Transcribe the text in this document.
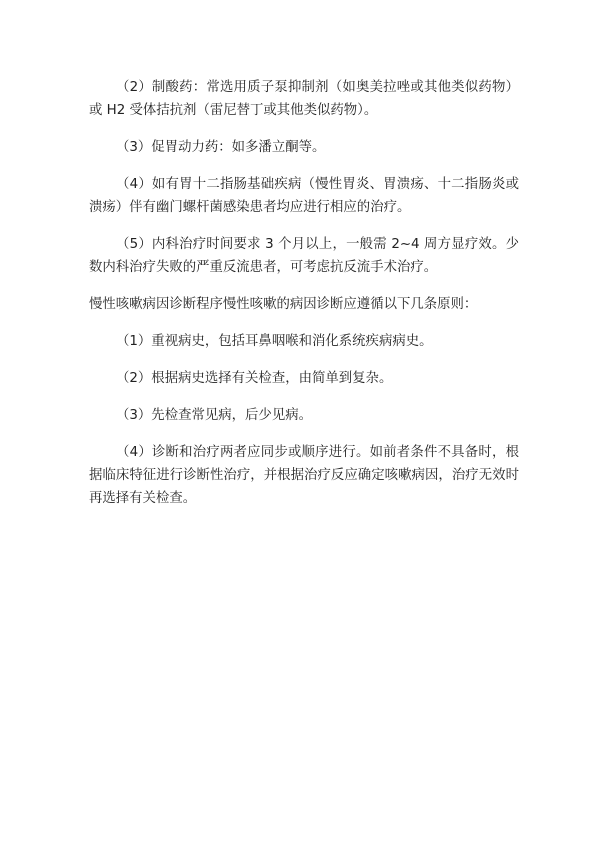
（2）制酸药：常选用质子泵抑制剂（如奥美拉唑或其他类似药物）或 H2 受体拮抗剂（雷尼替丁或其他类似药物）。

（3）促胃动力药：如多潘立酮等。

（4）如有胃十二指肠基础疾病（慢性胃炎、胃溃疡、十二指肠炎或溃疡）伴有幽门螺杆菌感染患者均应进行相应的治疗。

（5）内科治疗时间要求 3 个月以上，一般需 2~4 周方显疗效。少数内科治疗失败的严重反流患者，可考虑抗反流手术治疗。

慢性咳嗽病因诊断程序慢性咳嗽的病因诊断应遵循以下几条原则：

（1）重视病史，包括耳鼻咽喉和消化系统疾病病史。

（2）根据病史选择有关检查，由简单到复杂。

（3）先检查常见病，后少见病。

（4）诊断和治疗两者应同步或顺序进行。如前者条件不具备时，根据临床特征进行诊断性治疗，并根据治疗反应确定咳嗽病因，治疗无效时再选择有关检查。
